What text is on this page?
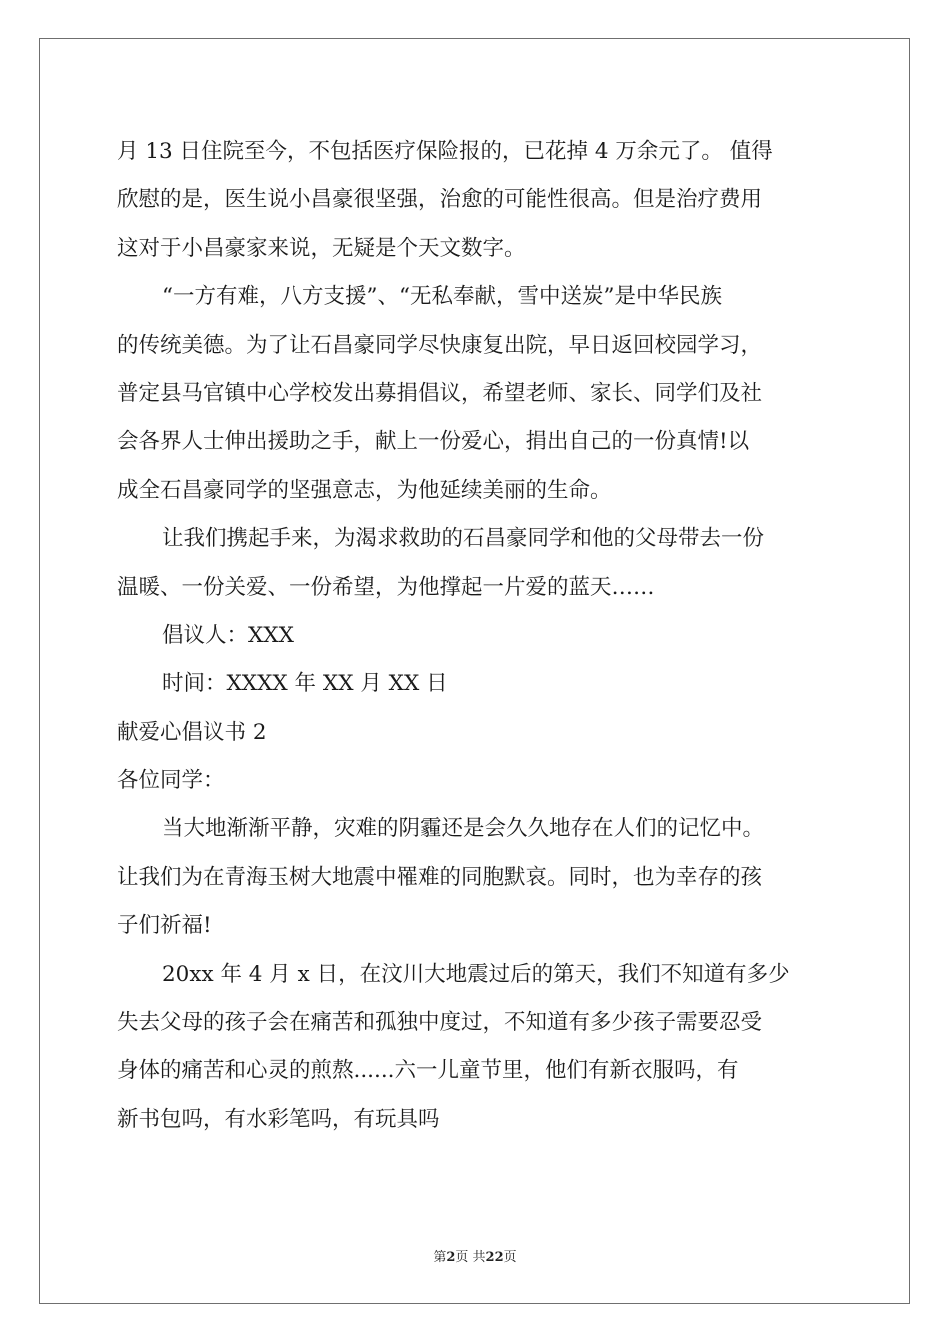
月 13 日住院至今，不包括医疗保险报的，已花掉 4 万余元了。 值得
欣慰的是，医生说小昌豪很坚强，治愈的可能性很高。但是治疗费用
这对于小昌豪家来说，无疑是个天文数字。
“一方有难，八方支援”、“无私奉献，雪中送炭”是中华民族
的传统美德。为了让石昌豪同学尽快康复出院，早日返回校园学习，
普定县马官镇中心学校发出募捐倡议，希望老师、家长、同学们及社
会各界人士伸出援助之手，献上一份爱心，捐出自己的一份真情!以
成全石昌豪同学的坚强意志，为他延续美丽的生命。
让我们携起手来，为渴求救助的石昌豪同学和他的父母带去一份
温暖、一份关爱、一份希望，为他撑起一片爱的蓝天……
倡议人：XXX
时间：XXXX 年 XX 月 XX 日
献爱心倡议书 2
各位同学：
当大地渐渐平静，灾难的阴霾还是会久久地存在人们的记忆中。
让我们为在青海玉树大地震中罹难的同胞默哀。同时，也为幸存的孩
子们祈福!
20xx 年 4 月 x 日，在汶川大地震过后的第天，我们不知道有多少
失去父母的孩子会在痛苦和孤独中度过，不知道有多少孩子需要忍受
身体的痛苦和心灵的煎熬......六一儿童节里，他们有新衣服吗，有
新书包吗，有水彩笔吗，有玩具吗
第2页 共22页
